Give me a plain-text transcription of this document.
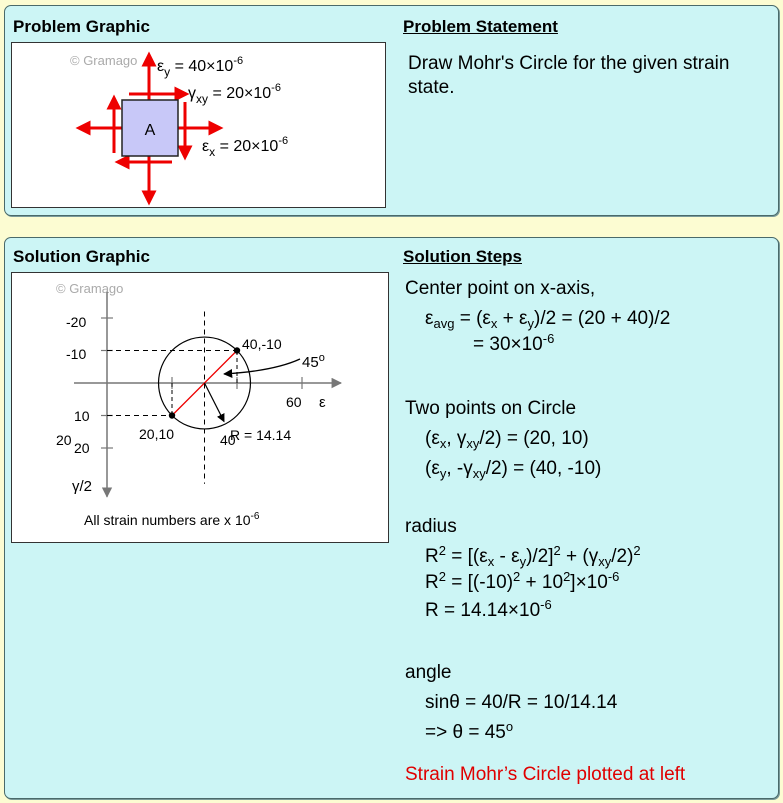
Problem Graphic	Problem Statement
© Gramago
A
$\varepsilon_y = 40\times 10^{-6}$
$\gamma_{xy} = 20\times 10^{-6}$
$\varepsilon_x = 20\times 10^{-6}$
Draw Mohr's Circle for the given strain state.
Solution Graphic	Solution Steps
© Gramago
20	40
60 ε
-20
-10
10
20
γ/2
40,-10
20,10
45$^o$
R = 14.14
All strain numbers are x $10^{-6}$
Center point on x-axis,
$\varepsilon_{avg} = (\varepsilon_x + \varepsilon_y)/2 = (20 + 40)/2$
= $30\times 10^{-6}$
Two points on Circle
($\varepsilon_x$, $\gamma_{xy}/2) = (20$, 10)
($\varepsilon_y$, $-\gamma_{xy}/2) = (40$, -10)
radius
$R^2 = [(\varepsilon_x - \varepsilon_y)/2]^2 + (\gamma_{xy}/2)^2$
$R^2 = [(-10)^2 + 10^2]\times 10^{-6}$
$R = 14.14\times 10^{-6}$
angle
sinθ = 40/R = 10/14.14
=> $\theta = 45^o$
Strain Mohr’s Circle plotted at left
